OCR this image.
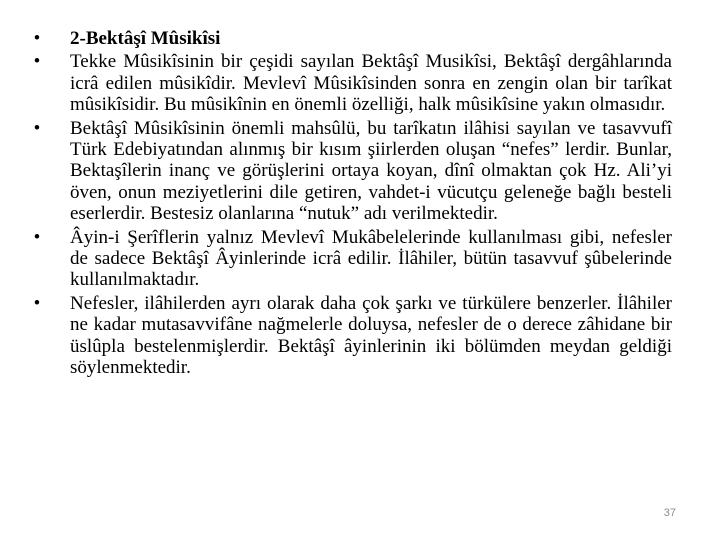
• 2-Bektâşî Mûsikîsi
• Tekke Mûsikîsinin bir çeşidi sayılan Bektâşî Musikîsi, Bektâşî dergâhlarında icrâ edilen mûsikîdir. Mevlevî Mûsikîsinden sonra en zengin olan bir tarîkat mûsikîsidir. Bu mûsikînin en önemli özelliği, halk mûsikîsine yakın olmasıdır.
• Bektâşî Mûsikîsinin önemli mahsûlü, bu tarîkatın ilâhisi sayılan ve tasavvufî Türk Edebiyatından alınmış bir kısım şiirlerden oluşan “nefes” lerdir. Bunlar, Bektaşîlerin inanç ve görüşlerini ortaya koyan, dînî olmaktan çok Hz. Ali’yi öven, onun meziyetlerini dile getiren, vahdet-i vücutçu geleneğe bağlı besteli eserlerdir. Bestesiz olanlarına “nutuk” adı verilmektedir.
• Âyin-i Şerîflerin yalnız Mevlevî Mukâbelelerinde kullanılması gibi, nefesler de sadece Bektâşî Âyinlerinde icrâ edilir. İlâhiler, bütün tasavvuf şûbelerinde kullanılmaktadır.
• Nefesler, ilâhilerden ayrı olarak daha çok şarkı ve türkülere benzerler. İlâhiler ne kadar mutasavvifâne nağmelerle doluysa, nefesler de o derece zâhidane bir üslûpla bestelenmişlerdir. Bektâşî âyinlerinin iki bölümden meydan geldiği söylenmektedir.
37
